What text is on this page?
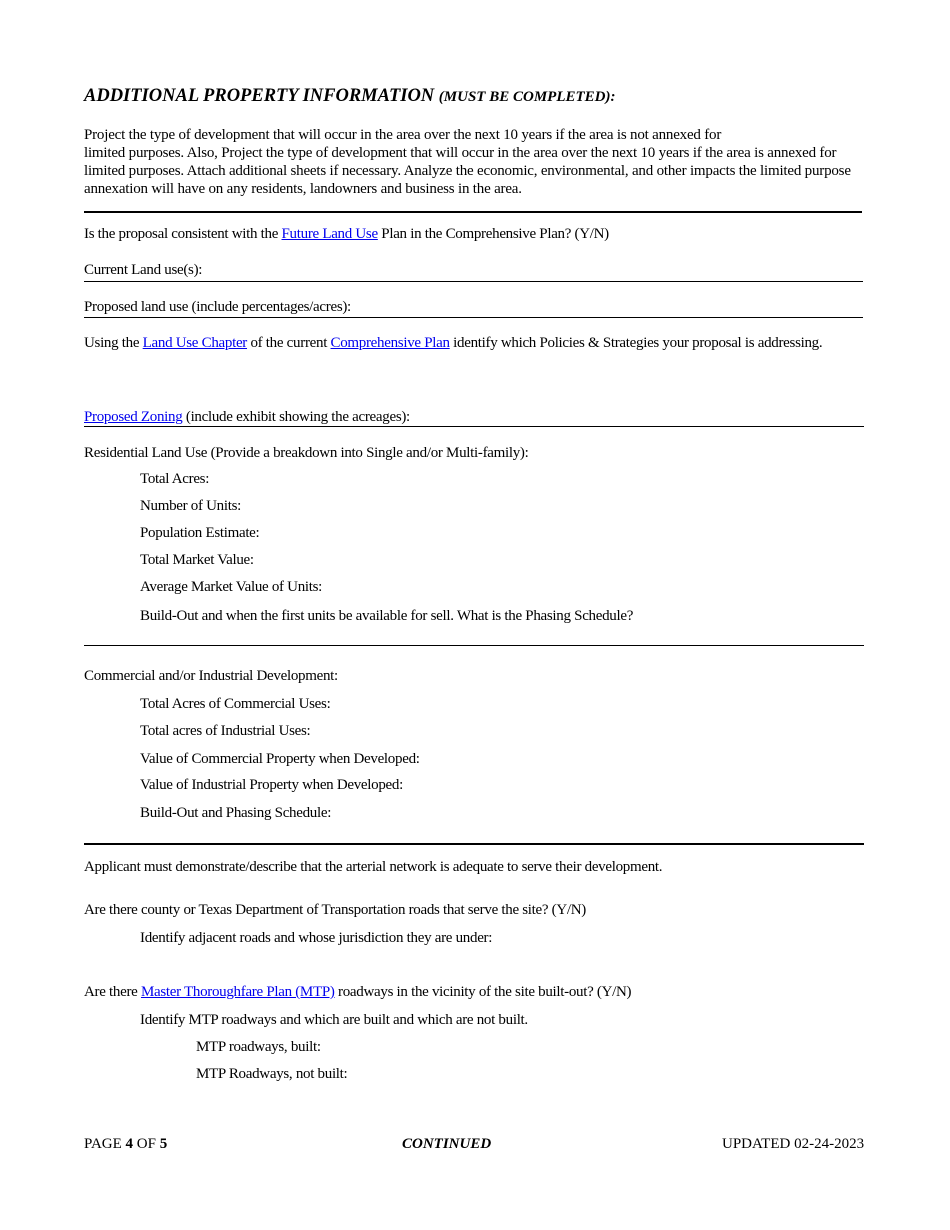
ADDITIONAL PROPERTY INFORMATION (MUST BE COMPLETED):
Project the type of development that will occur in the area over the next 10 years if the area is not annexed for
limited purposes. Also, Project the type of development that will occur in the area over the next 10 years if the area is annexed for limited purposes. Attach additional sheets if necessary. Analyze the economic, environmental, and other impacts the limited purpose annexation will have on any residents, landowners and business in the area.
Is the proposal consistent with the Future Land Use Plan in the Comprehensive Plan? (Y/N)
Current Land use(s):
Proposed land use (include percentages/acres):
Using the Land Use Chapter of the current Comprehensive Plan identify which Policies & Strategies your proposal is addressing.
Proposed Zoning (include exhibit showing the acreages):
Residential Land Use (Provide a breakdown into Single and/or Multi-family):
Total Acres:
Number of Units:
Population Estimate:
Total Market Value:
Average Market Value of Units:
Build-Out and when the first units be available for sell. What is the Phasing Schedule?
Commercial and/or Industrial Development:
Total Acres of Commercial Uses:
Total acres of Industrial Uses:
Value of Commercial Property when Developed:
Value of Industrial Property when Developed:
Build-Out and Phasing Schedule:
Applicant must demonstrate/describe that the arterial network is adequate to serve their development.
Are there county or Texas Department of Transportation roads that serve the site? (Y/N)
Identify adjacent roads and whose jurisdiction they are under:
Are there Master Thoroughfare Plan (MTP) roadways in the vicinity of the site built-out? (Y/N)
Identify MTP roadways and which are built and which are not built.
MTP roadways, built:
MTP Roadways, not built:
PAGE 4 OF 5	CONTINUED	UPDATED 02-24-2023
